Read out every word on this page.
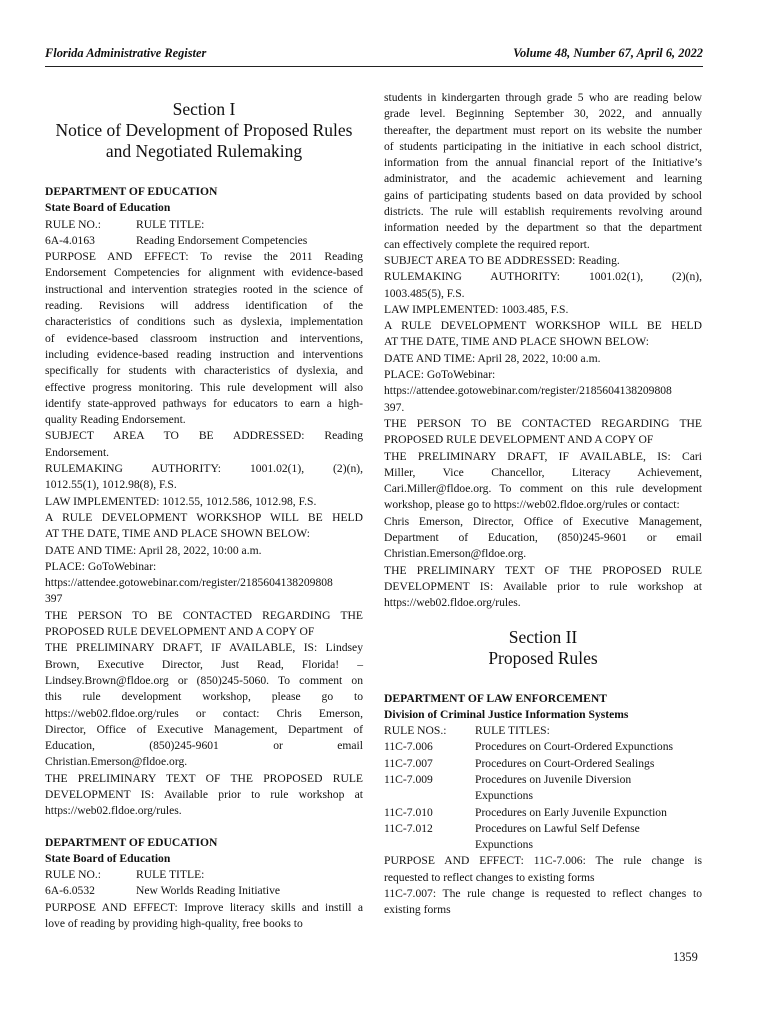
Florida Administrative Register	Volume 48, Number 67, April 6, 2022
Section I
Notice of Development of Proposed Rules
and Negotiated Rulemaking
DEPARTMENT OF EDUCATION
State Board of Education
RULE NO.:	RULE TITLE:
6A-4.0163	Reading Endorsement Competencies
PURPOSE AND EFFECT: To revise the 2011 Reading
Endorsement Competencies for alignment with evidence-based
instructional and intervention strategies rooted in the science of
reading. Revisions will address identification of the
characteristics of conditions such as dyslexia, implementation
of evidence-based classroom instruction and interventions,
including evidence-based reading instruction and interventions
specifically for students with characteristics of dyslexia, and
effective progress monitoring. This rule development will also
identify state-approved pathways for educators to earn a high-
quality Reading Endorsement.
SUBJECT AREA TO BE ADDRESSED: Reading
Endorsement.
RULEMAKING AUTHORITY: 1001.02(1), (2)(n),
1012.55(1), 1012.98(8), F.S.
LAW IMPLEMENTED: 1012.55, 1012.586, 1012.98, F.S.
A RULE DEVELOPMENT WORKSHOP WILL BE HELD
AT THE DATE, TIME AND PLACE SHOWN BELOW:
DATE AND TIME: April 28, 2022, 10:00 a.m.
PLACE: GoToWebinar:
https://attendee.gotowebinar.com/register/2185604138209808
397
THE PERSON TO BE CONTACTED REGARDING THE
PROPOSED RULE DEVELOPMENT AND A COPY OF
THE PRELIMINARY DRAFT, IF AVAILABLE, IS: Lindsey
Brown, Executive Director, Just Read, Florida! –
Lindsey.Brown@fldoe.org or (850)245-5060. To comment on
this rule development workshop, please go to
https://web02.fldoe.org/rules or contact: Chris Emerson,
Director, Office of Executive Management, Department of
Education, (850)245-9601 or email
Christian.Emerson@fldoe.org.
THE PRELIMINARY TEXT OF THE PROPOSED RULE
DEVELOPMENT IS: Available prior to rule workshop at
https://web02.fldoe.org/rules.
DEPARTMENT OF EDUCATION
State Board of Education
RULE NO.:	RULE TITLE:
6A-6.0532	New Worlds Reading Initiative
PURPOSE AND EFFECT: Improve literacy skills and instill a
love of reading by providing high-quality, free books to
students in kindergarten through grade 5 who are reading below
grade level. Beginning September 30, 2022, and annually
thereafter, the department must report on its website the number
of students participating in the initiative in each school district,
information from the annual financial report of the Initiative’s
administrator, and the academic achievement and learning
gains of participating students based on data provided by school
districts. The rule will establish requirements revolving around
information needed by the department so that the department
can effectively complete the required report.
SUBJECT AREA TO BE ADDRESSED: Reading.
RULEMAKING AUTHORITY: 1001.02(1), (2)(n),
1003.485(5), F.S.
LAW IMPLEMENTED: 1003.485, F.S.
A RULE DEVELOPMENT WORKSHOP WILL BE HELD
AT THE DATE, TIME AND PLACE SHOWN BELOW:
DATE AND TIME: April 28, 2022, 10:00 a.m.
PLACE: GoToWebinar:
https://attendee.gotowebinar.com/register/2185604138209808
397.
THE PERSON TO BE CONTACTED REGARDING THE
PROPOSED RULE DEVELOPMENT AND A COPY OF
THE PRELIMINARY DRAFT, IF AVAILABLE, IS: Cari
Miller, Vice Chancellor, Literacy Achievement,
Cari.Miller@fldoe.org. To comment on this rule development
workshop, please go to https://web02.fldoe.org/rules or contact:
Chris Emerson, Director, Office of Executive Management,
Department of Education, (850)245-9601 or email
Christian.Emerson@fldoe.org.
THE PRELIMINARY TEXT OF THE PROPOSED RULE
DEVELOPMENT IS: Available prior to rule workshop at
https://web02.fldoe.org/rules.
Section II
Proposed Rules
DEPARTMENT OF LAW ENFORCEMENT
Division of Criminal Justice Information Systems
RULE NOS.:	RULE TITLES:
11C-7.006	Procedures on Court-Ordered Expunctions
11C-7.007	Procedures on Court-Ordered Sealings
11C-7.009	Procedures on Juvenile Diversion
Expunctions
11C-7.010	Procedures on Early Juvenile Expunction
11C-7.012	Procedures on Lawful Self Defense
Expunctions
PURPOSE AND EFFECT: 11C-7.006: The rule change is
requested to reflect changes to existing forms
11C-7.007: The rule change is requested to reflect changes to
existing forms
1359
